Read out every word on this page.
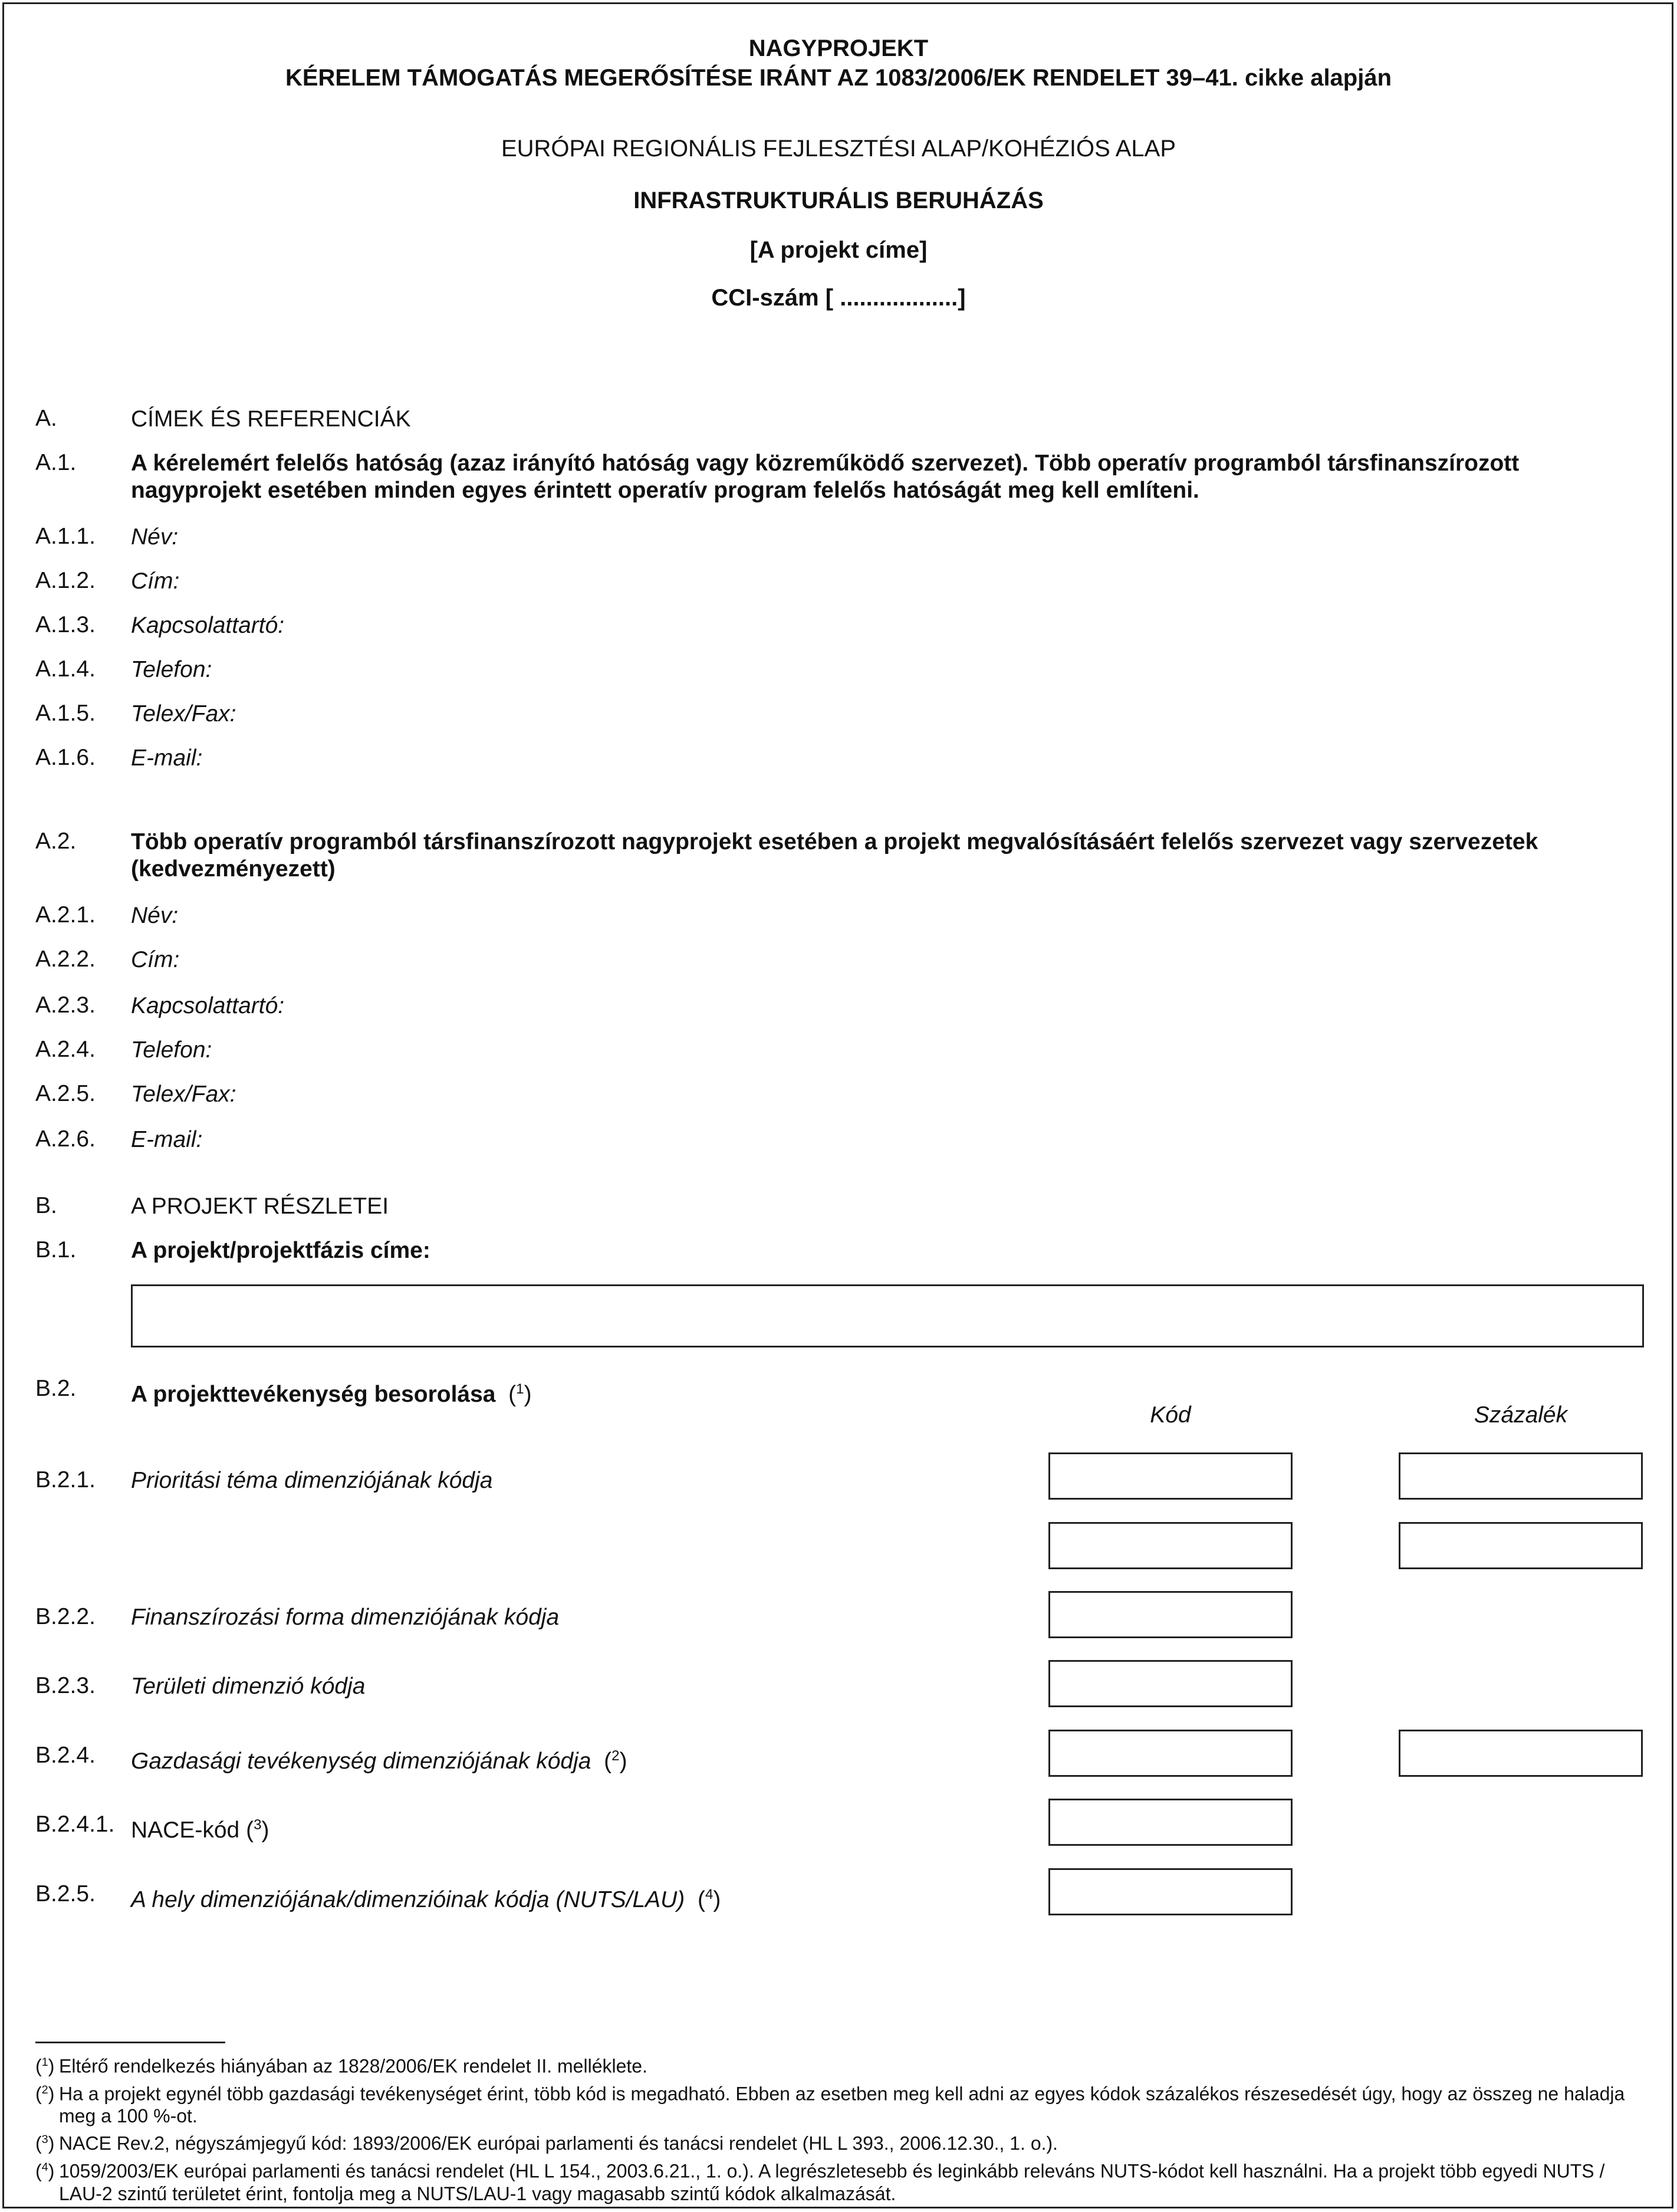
NAGYPROJEKT
KÉRELEM TÁMOGATÁS MEGERŐSÍTÉSE IRÁNT AZ 1083/2006/EK RENDELET 39–41. cikke alapján
EURÓPAI REGIONÁLIS FEJLESZTÉSI ALAP/KOHÉZIÓS ALAP
INFRASTRUKTURÁLIS BERUHÁZÁS
[A projekt címe]
CCI-szám [ ..................]
A.	CÍMEK ÉS REFERENCIÁK
A.1. A kérelemért felelős hatóság (azaz irányító hatóság vagy közreműködő szervezet). Több operatív programból társfinanszírozott nagyprojekt esetében minden egyes érintett operatív program felelős hatóságát meg kell említeni.
A.1.1. Név:
A.1.2. Cím:
A.1.3. Kapcsolattartó:
A.1.4. Telefon:
A.1.5. Telex/Fax:
A.1.6. E-mail:
A.2. Több operatív programból társfinanszírozott nagyprojekt esetében a projekt megvalósításáért felelős szervezet vagy szervezetek (kedvezményezett)
A.2.1. Név:
A.2.2. Cím:
A.2.3. Kapcsolattartó:
A.2.4. Telefon:
A.2.5. Telex/Fax:
A.2.6. E-mail:
B.	A PROJEKT RÉSZLETEI
B.1. A projekt/projektfázis címe:
B.2. A projekttevékenység besorolása  ($^1$)
Kód	Százalék
B.2.1. Prioritási téma dimenziójának kódja
B.2.2. Finanszírozási forma dimenziójának kódja
B.2.3. Területi dimenzió kódja
B.2.4. Gazdasági tevékenység dimenziójának kódja ($^2$)
B.2.4.1. NACE-kód ($^3$)
B.2.5. A hely dimenziójának/dimenzióinak kódja (NUTS/LAU) ($^4$)
($^1$) Eltérő rendelkezés hiányában az 1828/2006/EK rendelet II. melléklete.
($^2$) Ha a projekt egynél több gazdasági tevékenységet érint, több kód is megadható. Ebben az esetben meg kell adni az egyes kódok százalékos részesedését úgy, hogy az összeg ne haladja meg a 100 %-ot.
($^3$) NACE Rev.2, négyszámjegyű kód: 1893/2006/EK európai parlamenti és tanácsi rendelet (HL L 393., 2006.12.30., 1. o.).
($^4$) 1059/2003/EK európai parlamenti és tanácsi rendelet (HL L 154., 2003.6.21., 1. o.). A legrészletesebb és leginkább releváns NUTS-kódot kell használni. Ha a projekt több egyedi NUTS / LAU-2 szintű területet érint, fontolja meg a NUTS/LAU-1 vagy magasabb szintű kódok alkalmazását.
